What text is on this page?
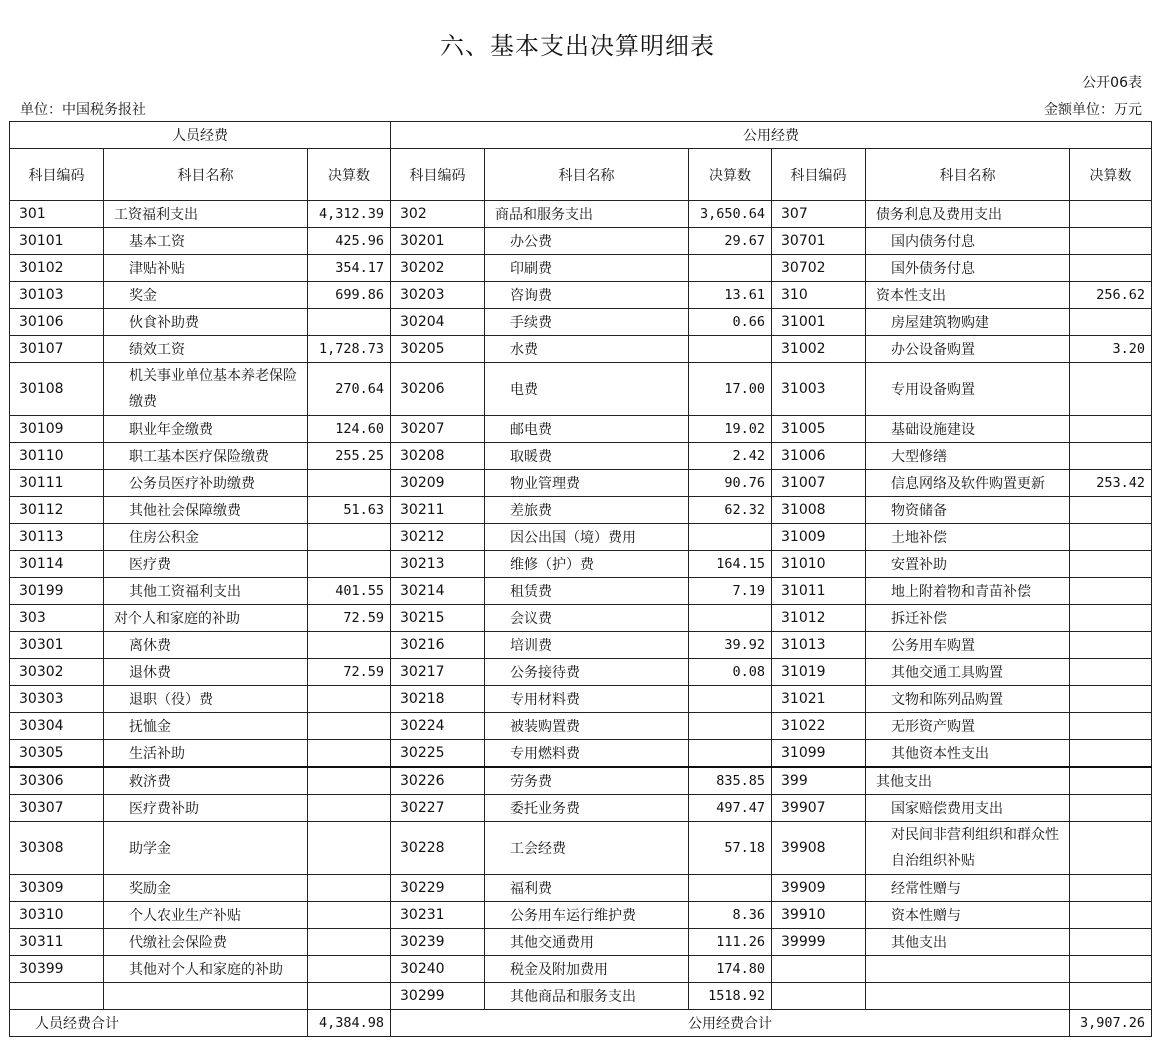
六、基本支出决算明细表
公开06表
单位：中国税务报社	金额单位：万元
人员经费			公用经费					
科目编码	科目名称	决算数	科目编码	科目名称	决算数	科目编码	科目名称	决算数
301	工资福利支出	4,312.39	302	商品和服务支出	3,650.64	307	债务利息及费用支出	
30101	基本工资	425.96	30201	办公费	29.67	30701	国内债务付息	
30102	津贴补贴	354.17	30202	印刷费		30702	国外债务付息	
30103	奖金	699.86	30203	咨询费	13.61	310	资本性支出	256.62
30106	伙食补助费		30204	手续费	0.66	31001	房屋建筑物购建	
30107	绩效工资	1,728.73	30205	水费		31002	办公设备购置	3.20
30108	机关事业单位基本养老保险缴费	270.64	30206	电费	17.00	31003	专用设备购置	
30109	职业年金缴费	124.60	30207	邮电费	19.02	31005	基础设施建设	
30110	职工基本医疗保险缴费	255.25	30208	取暖费	2.42	31006	大型修缮	
30111	公务员医疗补助缴费		30209	物业管理费	90.76	31007	信息网络及软件购置更新	253.42
30112	其他社会保障缴费	51.63	30211	差旅费	62.32	31008	物资储备	
30113	住房公积金		30212	因公出国（境）费用		31009	土地补偿	
30114	医疗费		30213	维修（护）费	164.15	31010	安置补助	
30199	其他工资福利支出	401.55	30214	租赁费	7.19	31011	地上附着物和青苗补偿	
303	对个人和家庭的补助	72.59	30215	会议费		31012	拆迁补偿	
30301	离休费		30216	培训费	39.92	31013	公务用车购置	
30302	退休费	72.59	30217	公务接待费	0.08	31019	其他交通工具购置	
30303	退职（役）费		30218	专用材料费		31021	文物和陈列品购置	
30304	抚恤金		30224	被装购置费		31022	无形资产购置	
30305	生活补助		30225	专用燃料费		31099	其他资本性支出	
30306	救济费		30226	劳务费	835.85	399	其他支出	
30307	医疗费补助		30227	委托业务费	497.47	39907	国家赔偿费用支出	
30308	助学金		30228	工会经费	57.18	39908	对民间非营利组织和群众性自治组织补贴	
30309	奖励金		30229	福利费		39909	经常性赠与	
30310	个人农业生产补贴		30231	公务用车运行维护费	8.36	39910	资本性赠与	
30311	代缴社会保险费		30239	其他交通费用	111.26	39999	其他支出	
30399	其他对个人和家庭的补助		30240	税金及附加费用	174.80			
			30299	其他商品和服务支出	1518.92			
人员经费合计		4,384.98	公用经费合计					3,907.26
